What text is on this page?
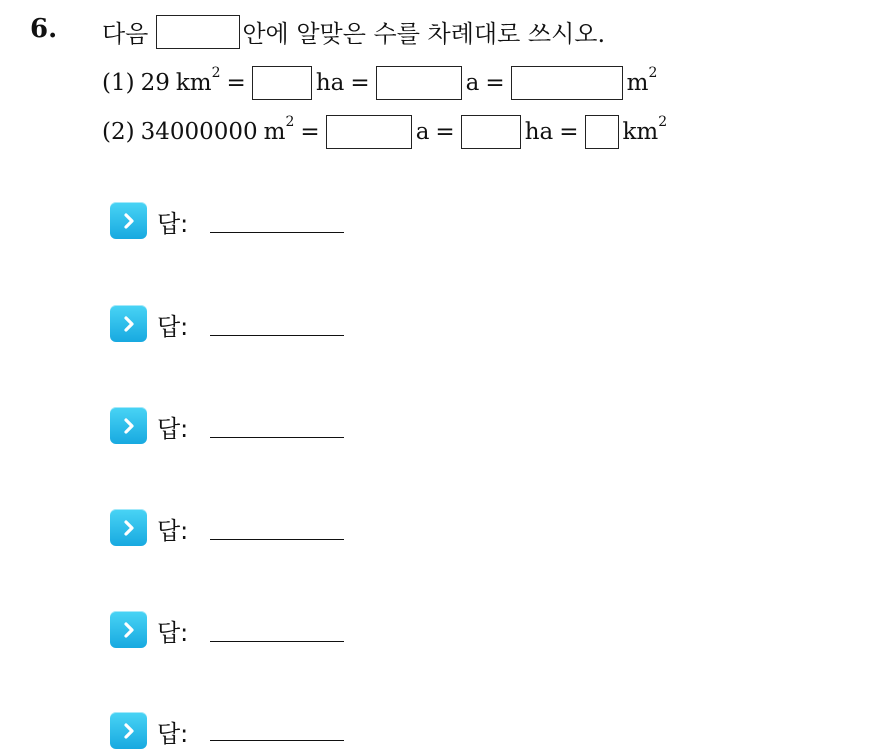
6. 다음	안에 알맞은 수를 차례대로 쓰시오.
(1) 29 km 2 =	ha =	a =	m 2
(2) 34000000 m 2 =	a =	ha = km 2
답:
답:
답:
답:
답:
답:
